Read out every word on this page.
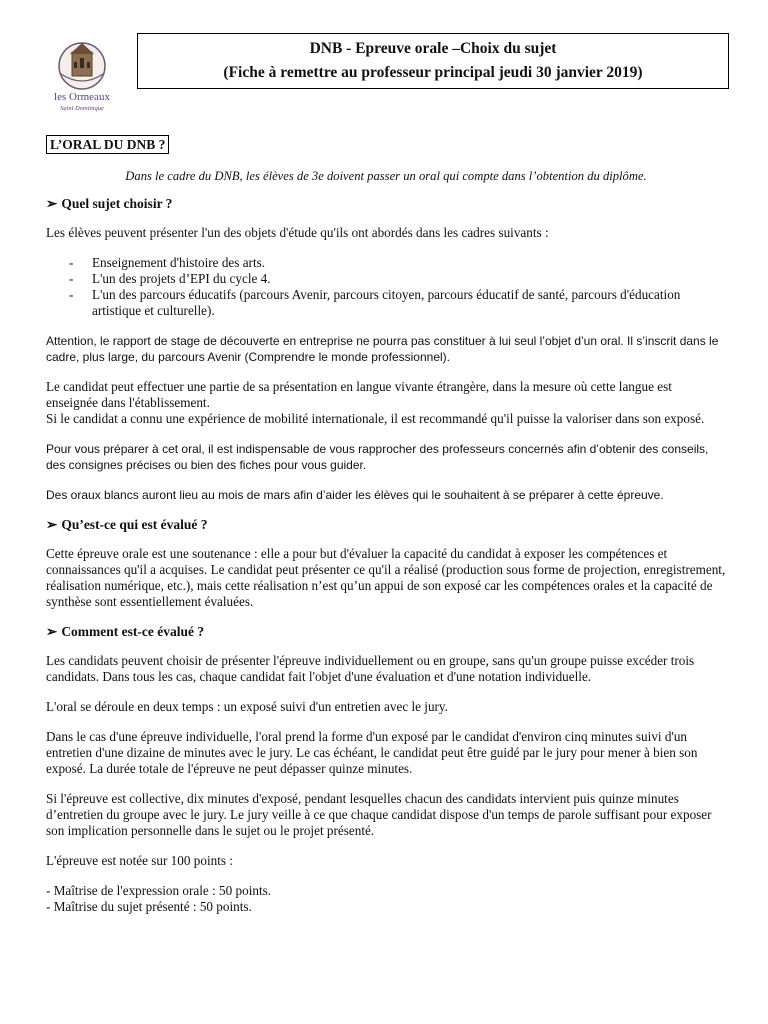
les Ormeaux
Saint Dominique
DNB - Epreuve orale –Choix du sujet
(Fiche à remettre au professeur principal jeudi 30 janvier 2019)
L’ORAL DU DNB ?

Dans le cadre du DNB, les élèves de 3e doivent passer un oral qui compte dans l’obtention du diplôme.

➢ Quel sujet choisir ?

Les élèves peuvent présenter l'un des objets d'étude qu'ils ont abordés dans les cadres suivants :

- Enseignement d'histoire des arts.
- L'un des projets d’EPI du cycle 4.
- L'un des parcours éducatifs (parcours Avenir, parcours citoyen, parcours éducatif de santé, parcours d'éducation artistique et culturelle).

Attention, le rapport de stage de découverte en entreprise ne pourra pas constituer à lui seul l’objet d’un oral. Il s’inscrit dans le cadre, plus large, du parcours Avenir (Comprendre le monde professionnel).

Le candidat peut effectuer une partie de sa présentation en langue vivante étrangère, dans la mesure où cette langue est enseignée dans l'établissement.

Si le candidat a connu une expérience de mobilité internationale, il est recommandé qu'il puisse la valoriser dans son exposé.

Pour vous préparer à cet oral, il est indispensable de vous rapprocher des professeurs concernés afin d’obtenir des conseils, des consignes précises ou bien des fiches pour vous guider.

Des oraux blancs auront lieu au mois de mars afin d’aider les élèves qui le souhaitent à se préparer à cette épreuve.

➢ Qu’est-ce qui est évalué ?

Cette épreuve orale est une soutenance : elle a pour but d'évaluer la capacité du candidat à exposer les compétences et connaissances qu'il a acquises. Le candidat peut présenter ce qu'il a réalisé (production sous forme de projection, enregistrement, réalisation numérique, etc.), mais cette réalisation n’est qu’un appui de son exposé car les compétences orales et la capacité de synthèse sont essentiellement évaluées.

➢ Comment est-ce évalué ?

Les candidats peuvent choisir de présenter l'épreuve individuellement ou en groupe, sans qu'un groupe puisse excéder trois candidats. Dans tous les cas, chaque candidat fait l'objet d'une évaluation et d'une notation individuelle.

L'oral se déroule en deux temps : un exposé suivi d'un entretien avec le jury.

Dans le cas d'une épreuve individuelle, l'oral prend la forme d'un exposé par le candidat d'environ cinq minutes suivi d'un entretien d'une dizaine de minutes avec le jury. Le cas échéant, le candidat peut être guidé par le jury pour mener à bien son exposé. La durée totale de l'épreuve ne peut dépasser quinze minutes.

Si l'épreuve est collective, dix minutes d'exposé, pendant lesquelles chacun des candidats intervient puis quinze minutes d’entretien du groupe avec le jury. Le jury veille à ce que chaque candidat dispose d'un temps de parole suffisant pour exposer son implication personnelle dans le sujet ou le projet présenté.

L'épreuve est notée sur 100 points :

- Maîtrise de l'expression orale : 50 points.
- Maîtrise du sujet présenté : 50 points.
